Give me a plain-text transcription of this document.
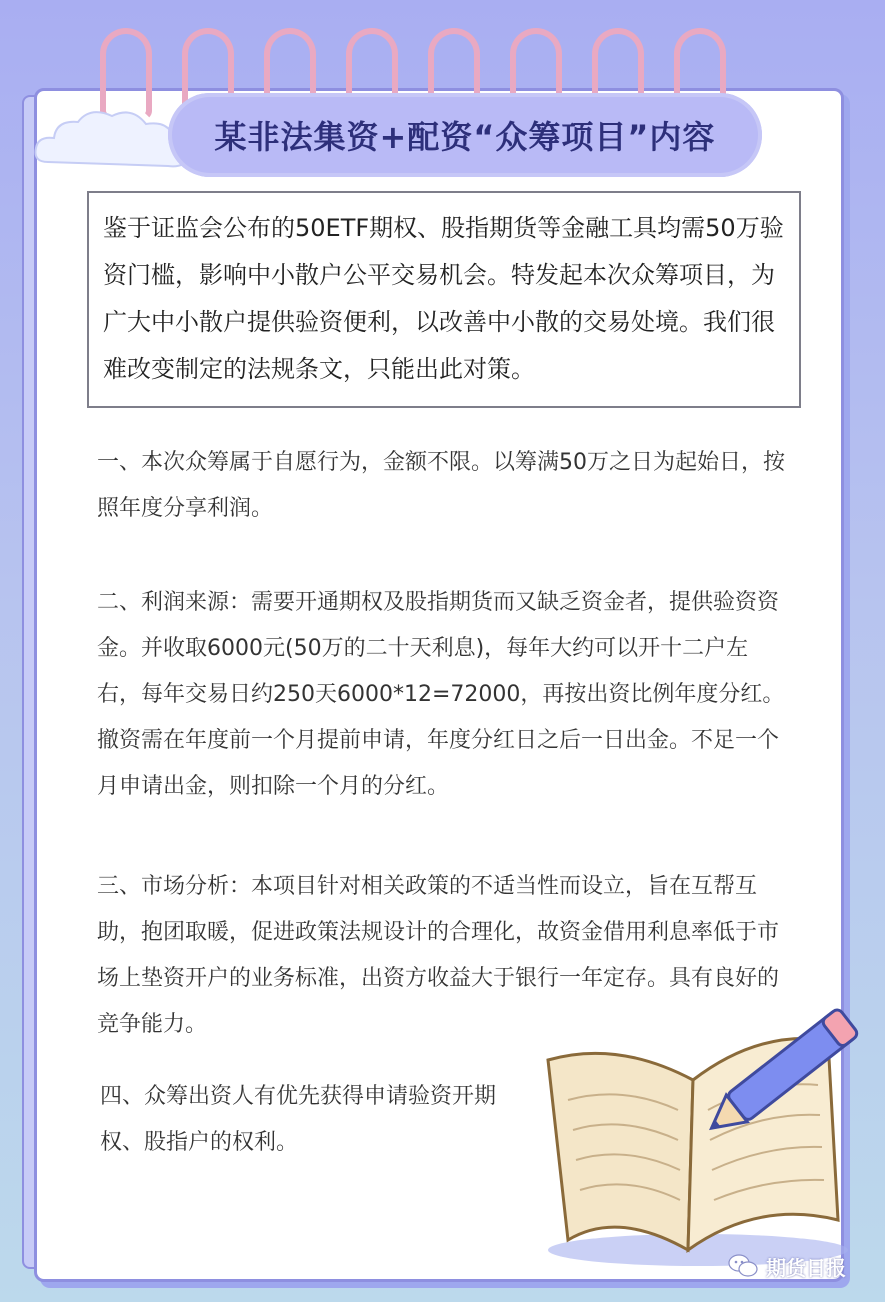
某非法集资+配资“众筹项目”内容

鉴于证监会公布的50ETF期权、股指期货等金融工具均需50万验资门槛，影响中小散户公平交易机会。特发起本次众筹项目，为广大中小散户提供验资便利，以改善中小散的交易处境。我们很难改变制定的法规条文，只能出此对策。

一、本次众筹属于自愿行为，金额不限。以筹满50万之日为起始日，按照年度分享利润。

二、利润来源：需要开通期权及股指期货而又缺乏资金者，提供验资资金。并收取6000元(50万的二十天利息)，每年大约可以开十二户左右，每年交易日约250天6000*12=72000，再按出资比例年度分红。撤资需在年度前一个月提前申请，年度分红日之后一日出金。不足一个月申请出金，则扣除一个月的分红。

三、市场分析：本项目针对相关政策的不适当性而设立，旨在互帮互助，抱团取暖，促进政策法规设计的合理化，故资金借用利息率低于市场上垫资开户的业务标准，出资方收益大于银行一年定存。具有良好的竞争能力。

四、众筹出资人有优先获得申请验资开期权、股指户的权利。

期货日报
